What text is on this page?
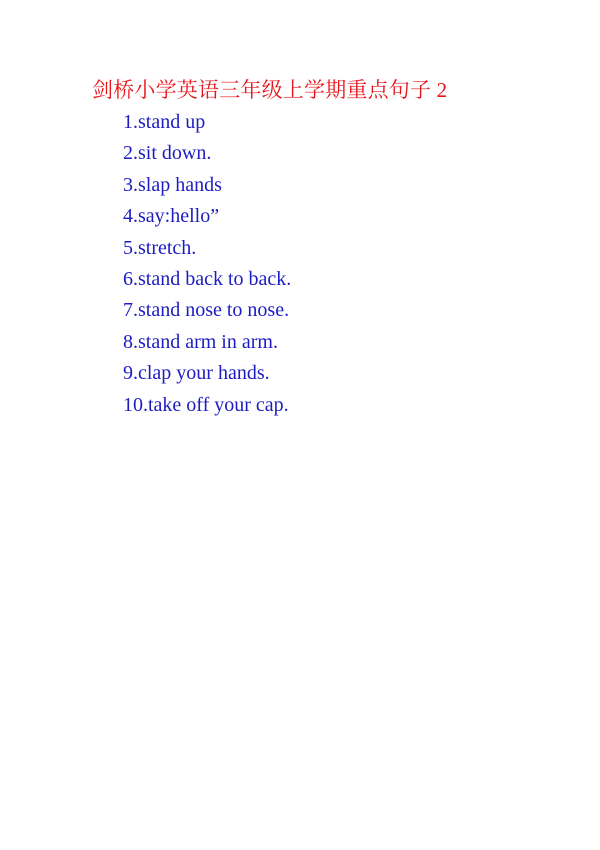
剑桥小学英语三年级上学期重点句子 2
1.stand up
2.sit down.
3.slap hands
4.say:hello”
5.stretch.
6.stand back to back.
7.stand nose to nose.
8.stand arm in arm.
9.clap your hands.
10.take off your cap.
